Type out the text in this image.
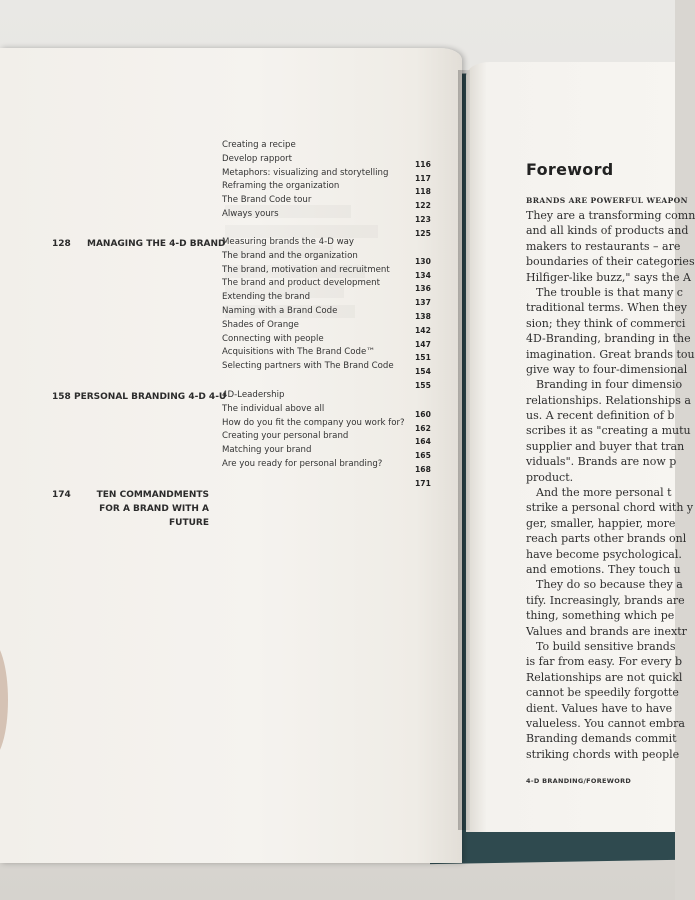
Creating a recipe
Develop rapport
116
Metaphors: visualizing and storytelling
117
Reframing the organization
118
The Brand Code tour
122
Always yours
123
125
128 MANAGING THE 4-D BRAND
Measuring brands the 4-D way
The brand and the organization
130
The brand, motivation and recruitment
134
The brand and product development
136
Extending the brand
137
Naming with a Brand Code
138
Shades of Orange
142
Connecting with people
147
Acquisitions with The Brand Code™
151
Selecting partners with The Brand Code
154
155
158 PERSONAL BRANDING 4-D 4-U
4D-Leadership
The individual above all
160
How do you fit the company you work for?
162
Creating your personal brand
164
Matching your brand
165
Are you ready for personal branding?
168
171
174	TEN COMMANDMENTS
FOR A BRAND WITH A FUTURE
Foreword
BRANDS ARE POWERFUL WEAPON
They are a transforming comn
and all kinds of products and
makers to restaurants – are
boundaries of their categories
Hilfiger-like buzz," says the A
The trouble is that many c
traditional terms. When they
sion; they think of commerci
4D-Branding, branding in the
imagination. Great brands tou
give way to four-dimensional
Branding in four dimensio
relationships. Relationships a
us. A recent definition of b
scribes it as "creating a mutu
supplier and buyer that tran
viduals". Brands are now p
product.
And the more personal t
strike a personal chord with y
ger, smaller, happier, more
reach parts other brands onl
have become psychological.
and emotions. They touch u
They do so because they a
tify. Increasingly, brands are
thing, something which pe
Values and brands are inextr
To build sensitive brands
is far from easy. For every b
Relationships are not quickl
cannot be speedily forgotte
dient. Values have to have
valueless. You cannot embra
Branding demands commit
striking chords with people
4-D BRANDING/FOREWORD
